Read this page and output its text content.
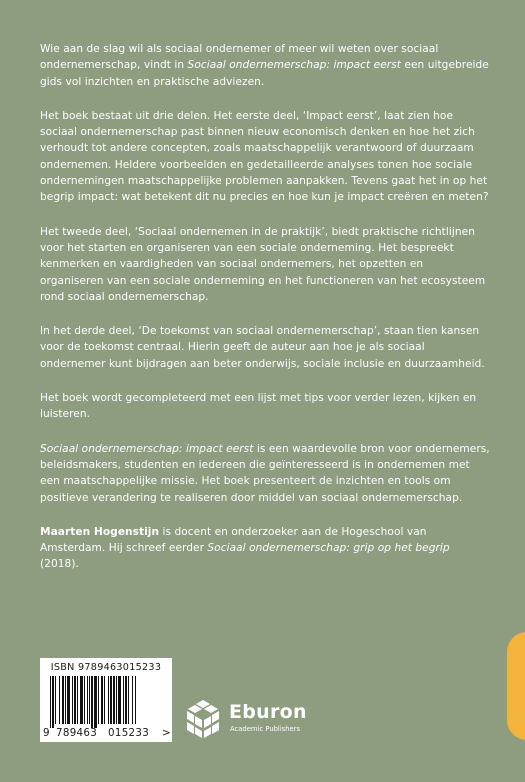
Wie aan de slag wil als sociaal ondernemer of meer wil weten over sociaal ondernemerschap, vindt in Sociaal ondernemerschap: impact eerst een uitgebreide gids vol inzichten en praktische adviezen.

Het boek bestaat uit drie delen. Het eerste deel, ‘Impact eerst’, laat zien hoe sociaal ondernemerschap past binnen nieuw economisch denken en hoe het zich verhoudt tot andere concepten, zoals maatschappelijk verantwoord of duurzaam ondernemen. Heldere voorbeelden en gedetailleerde analyses tonen hoe sociale ondernemingen maatschappelijke problemen aanpakken. Tevens gaat het in op het begrip impact: wat betekent dit nu precies en hoe kun je impact creëren en meten?

Het tweede deel, ‘Sociaal ondernemen in de praktijk’, biedt praktische richtlijnen voor het starten en organiseren van een sociale onderneming. Het bespreekt kenmerken en vaardigheden van sociaal ondernemers, het opzetten en organiseren van een sociale onderneming en het functioneren van het ecosysteem rond sociaal ondernemerschap.

In het derde deel, ‘De toekomst van sociaal ondernemerschap’, staan tien kansen voor de toekomst centraal. Hierin geeft de auteur aan hoe je als sociaal ondernemer kunt bijdragen aan beter onderwijs, sociale inclusie en duurzaamheid.

Het boek wordt gecompleteerd met een lijst met tips voor verder lezen, kijken en luisteren.

Sociaal ondernemerschap: impact eerst is een waardevolle bron voor ondernemers, beleidsmakers, studenten en iedereen die geïnteresseerd is in ondernemen met een maatschappelijke missie. Het boek presenteert de inzichten en tools om positieve verandering te realiseren door middel van sociaal ondernemerschap.

Maarten Hogenstijn is docent en onderzoeker aan de Hogeschool van Amsterdam. Hij schreef eerder Sociaal ondernemerschap: grip op het begrip (2018).

ISBN 9789463015233
9 789463 015233 >
Eburon
Academic Publishers
